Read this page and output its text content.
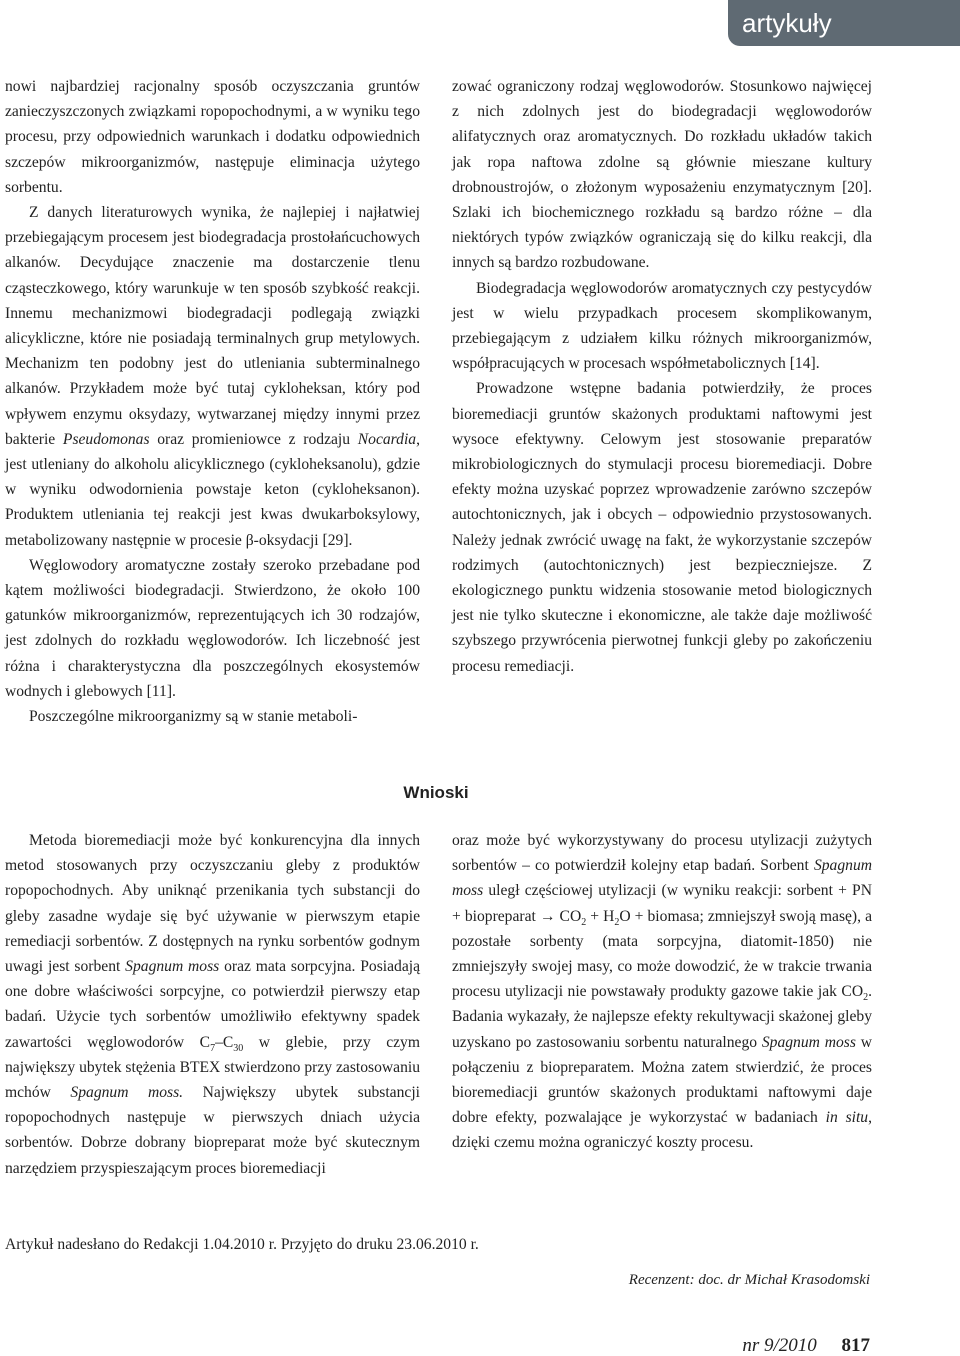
artykuły

nowi najbardziej racjonalny sposób oczyszczania gruntów zanieczyszczonych związkami ropopochodnymi, a w wyniku tego procesu, przy odpowiednich warunkach i dodatku odpowiednich szczepów mikroorganizmów, następuje eliminacja użytego sorbentu.

Z danych literaturowych wynika, że najlepiej i najłatwiej przebiegającym procesem jest biodegradacja prostołańcuchowych alkanów. Decydujące znaczenie ma dostarczenie tlenu cząsteczkowego, który warunkuje w ten sposób szybkość reakcji. Innemu mechanizmowi biodegradacji podlegają związki alicykliczne, które nie posiadają terminalnych grup metylowych. Mechanizm ten podobny jest do utleniania subterminalnego alkanów. Przykładem może być tutaj cykloheksan, który pod wpływem enzymu oksydazy, wytwarzanej między innymi przez bakterie Pseudomonas oraz promieniowce z rodzaju Nocardia, jest utleniany do alkoholu alicyklicznego (cykloheksanolu), gdzie w wyniku odwodornienia powstaje keton (cykloheksanon). Produktem utleniania tej reakcji jest kwas dwukarboksylowy, metabolizowany następnie w procesie β-oksydacji [29].

Węglowodory aromatyczne zostały szeroko przebadane pod kątem możliwości biodegradacji. Stwierdzono, że około 100 gatunków mikroorganizmów, reprezentujących ich 30 rodzajów, jest zdolnych do rozkładu węglowodorów. Ich liczebność jest różna i charakterystyczna dla poszczególnych ekosystemów wodnych i glebowych [11].

Poszczególne mikroorganizmy są w stanie metaboli-

zować ograniczony rodzaj węglowodorów. Stosunkowo najwięcej z nich zdolnych jest do biodegradacji węglowodorów alifatycznych oraz aromatycznych. Do rozkładu układów takich jak ropa naftowa zdolne są głównie mieszane kultury drobnoustrojów, o złożonym wyposażeniu enzymatycznym [20]. Szlaki ich biochemicznego rozkładu są bardzo różne – dla niektórych typów związków ograniczają się do kilku reakcji, dla innych są bardzo rozbudowane.

Biodegradacja węglowodorów aromatycznych czy pestycydów jest w wielu przypadkach procesem skomplikowanym, przebiegającym z udziałem kilku różnych mikroorganizmów, współpracujących w procesach współmetabolicznych [14].

Prowadzone wstępne badania potwierdziły, że proces bioremediacji gruntów skażonych produktami naftowymi jest wysoce efektywny. Celowym jest stosowanie preparatów mikrobiologicznych do stymulacji procesu bioremediacji. Dobre efekty można uzyskać poprzez wprowadzenie zarówno szczepów autochtonicznych, jak i obcych – odpowiednio przystosowanych. Należy jednak zwrócić uwagę na fakt, że wykorzystanie szczepów rodzimych (autochtonicznych) jest bezpieczniejsze. Z ekologicznego punktu widzenia stosowanie metod biologicznych jest nie tylko skuteczne i ekonomiczne, ale także daje możliwość szybszego przywrócenia pierwotnej funkcji gleby po zakończeniu procesu remediacji.

Wnioski

Metoda bioremediacji może być konkurencyjna dla innych metod stosowanych przy oczyszczaniu gleby z produktów ropopochodnych. Aby uniknąć przenikania tych substancji do gleby zasadne wydaje się być używanie w pierwszym etapie remediacji sorbentów. Z dostępnych na rynku sorbentów godnym uwagi jest sorbent Spagnum moss oraz mata sorpcyjna. Posiadają one dobre właściwości sorpcyjne, co potwierdził pierwszy etap badań. Użycie tych sorbentów umożliwiło efektywny spadek zawartości węglowodorów $C_7-C_{30}$ w glebie, przy czym największy ubytek stężenia BTEX stwierdzono przy zastosowaniu mchów Spagnum moss. Największy ubytek substancji ropopochodnych następuje w pierwszych dniach użycia sorbentów. Dobrze dobrany biopreparat może być skutecznym narzędziem przyspieszającym proces bioremediacji

oraz może być wykorzystywany do procesu utylizacji zużytych sorbentów – co potwierdził kolejny etap badań. Sorbent Spagnum moss uległ częściowej utylizacji (w wyniku reakcji: sorbent + PN + biopreparat → $CO_2 + H_2O$ + biomasa; zmniejszył swoją masę), a pozostałe sorbenty (mata sorpcyjna, diatomit-1850) nie zmniejszyły swojej masy, co może dowodzić, że w trakcie trwania procesu utylizacji nie powstawały produkty gazowe takie jak $CO_2$. Badania wykazały, że najlepsze efekty rekultywacji skażonej gleby uzyskano po zastosowaniu sorbentu naturalnego Spagnum moss w połączeniu z biopreparatem. Można zatem stwierdzić, że proces bioremediacji gruntów skażonych produktami naftowymi daje dobre efekty, pozwalające je wykorzystać w badaniach in situ, dzięki czemu można ograniczyć koszty procesu.

Artykuł nadesłano do Redakcji 1.04.2010 r. Przyjęto do druku 23.06.2010 r.
Recenzent: doc. dr Michał Krasodomski
nr 9/2010 817
